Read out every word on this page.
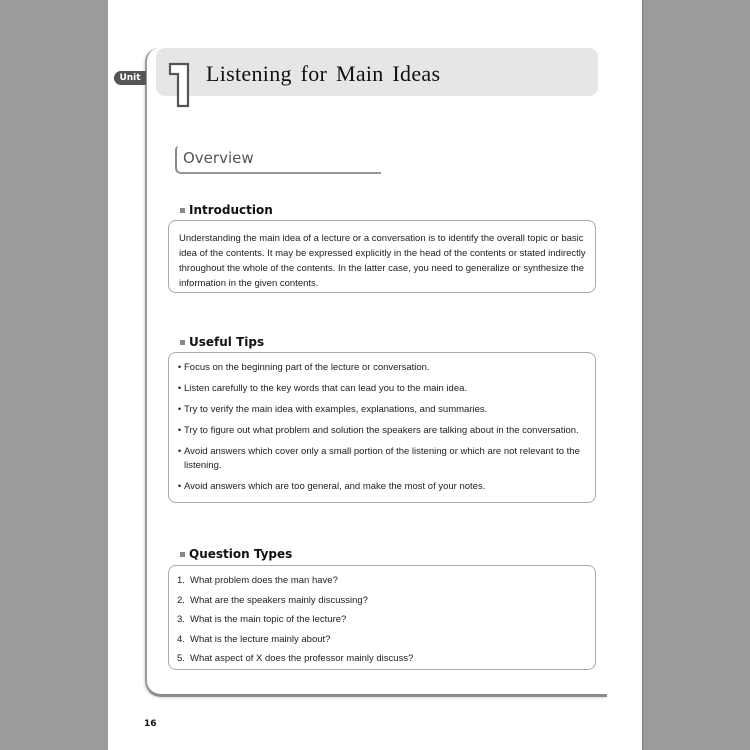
Unit	Listening for Main Ideas
Overview
Introduction
Understanding the main idea of a lecture or a conversation is to identify the overall topic or basic idea of the contents. It may be expressed explicitly in the head of the contents or stated indirectly throughout the whole of the contents. In the latter case, you need to generalize or synthesize the information in the given contents.
Useful Tips
• Focus on the beginning part of the lecture or conversation.
• Listen carefully to the key words that can lead you to the main idea.
• Try to verify the main idea with examples, explanations, and summaries.
• Try to figure out what problem and solution the speakers are talking about in the conversation.
• Avoid answers which cover only a small portion of the listening or which are not relevant to the listening.
• Avoid answers which are too general, and make the most of your notes.
Question Types
1. What problem does the man have?
2. What are the speakers mainly discussing?
3. What is the main topic of the lecture?
4. What is the lecture mainly about?
5. What aspect of X does the professor mainly discuss?
16
